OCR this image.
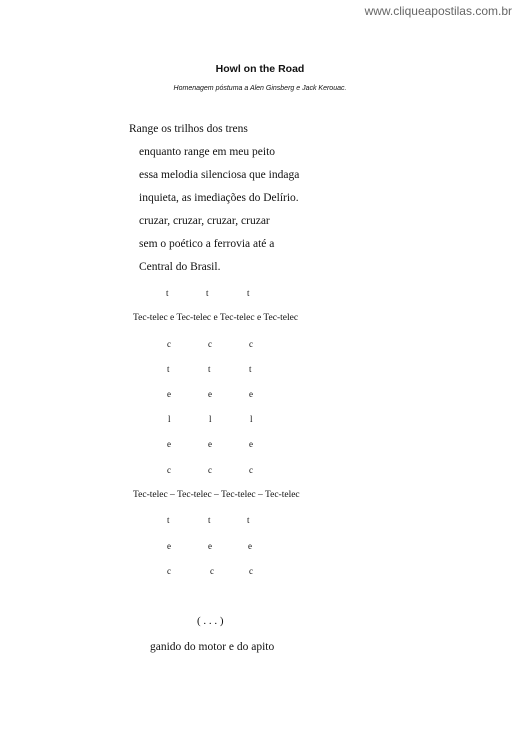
www.cliqueapostilas.com.br
Howl on the Road
Homenagem póstuma a Alen Ginsberg e Jack Kerouac.
Range os trilhos dos trens
enquanto range em meu peito
essa melodia silenciosa que indaga
inquieta, as imediações do Delírio.
cruzar, cruzar, cruzar, cruzar
sem o poético a ferrovia até a
Central do Brasil.
t	t	t
Tec-telec e Tec-telec e Tec-telec e Tec-telec
c	c	c
t	t	t
e	e	e
l	l	l
e	e	e
c	c	c
Tec-telec – Tec-telec – Tec-telec – Tec-telec
t	t	t
e	e	e
c	c	c
( . . . )
ganido do motor e do apito
